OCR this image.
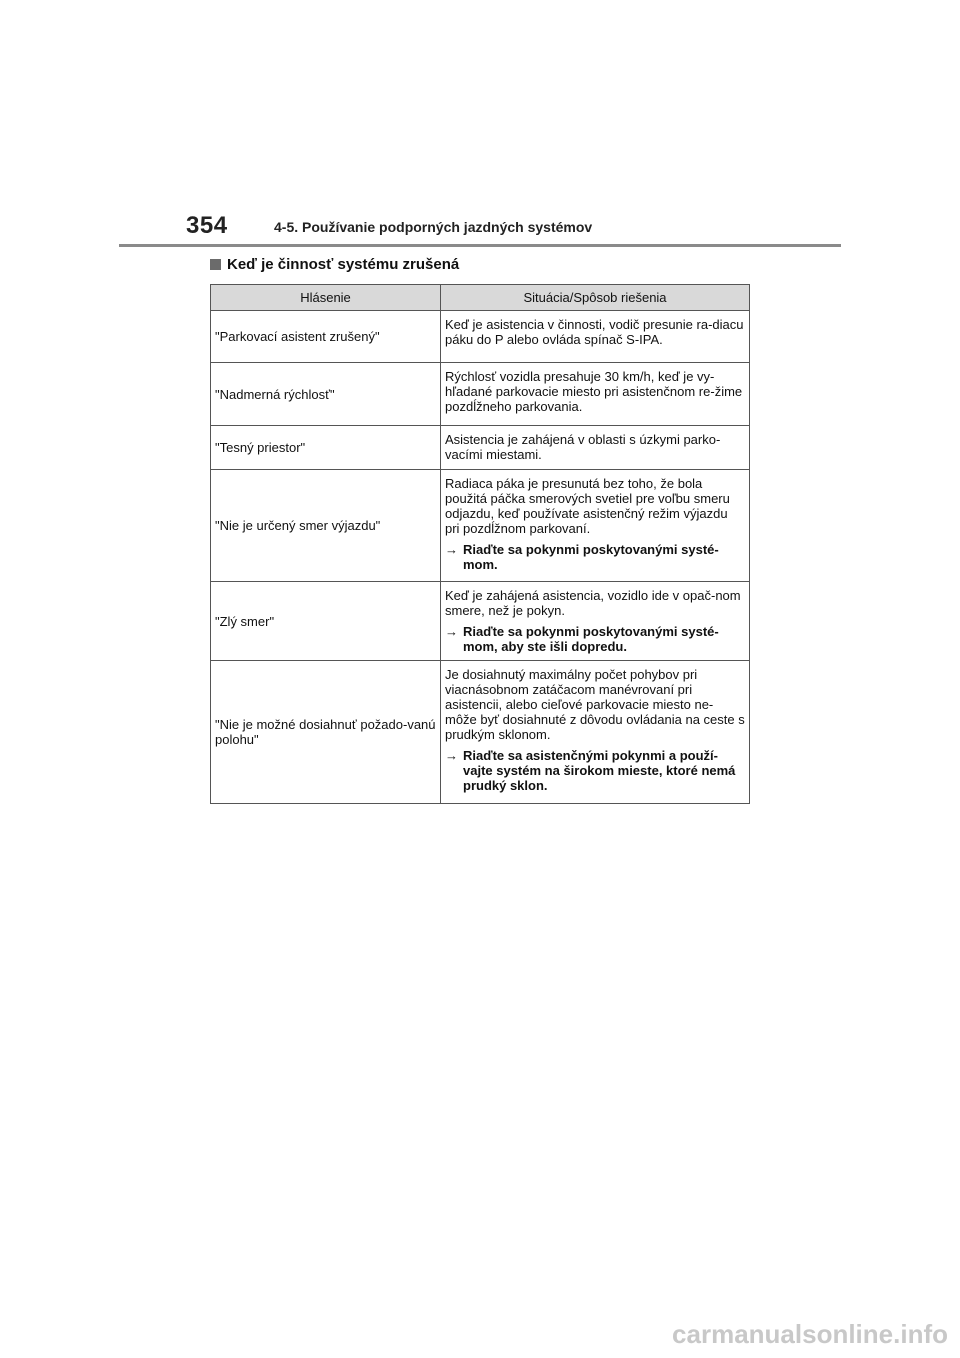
354	4-5. Používanie podporných jazdných systémov
Keď je činnosť systému zrušená
Hlásenie	Situácia/Spôsob riešenia
"Parkovací asistent zrušený"	Keď je asistencia v činnosti, vodič presunie ra-diacu páku do P alebo ovláda spínač S-IPA.

"Nadmerná rýchlosť"	Rýchlosť vozidla presahuje 30 km/h, keď je vy-hľadané parkovacie miesto pri asistenčnom re-žime pozdĺžneho parkovania.

"Tesný priestor"	Asistencia je zahájená v oblasti s úzkymi parko-vacími miestami.

"Nie je určený smer výjazdu"	Radiaca páka je presunutá bez toho, že bola použitá páčka smerových svetiel pre voľbu smeru odjazdu, keď používate asistenčný režim výjazdu pri pozdĺžnom parkovaní.
→ Riaďte sa pokynmi poskytovanými systé-mom.

"Zlý smer"	Keď je zahájená asistencia, vozidlo ide v opač-nom smere, než je pokyn.
→ Riaďte sa pokynmi poskytovanými systé-mom, aby ste išli dopredu.

"Nie je možné dosiahnuť požado-vanú polohu"	Je dosiahnutý maximálny počet pohybov pri viacnásobnom zatáčacom manévrovaní pri asistencii, alebo cieľové parkovacie miesto ne-môže byť dosiahnuté z dôvodu ovládania na ceste s prudkým sklonom.
→ Riaďte sa asistenčnými pokynmi a použí-vajte systém na širokom mieste, ktoré nemá prudký sklon.
carmanualsonline.info
